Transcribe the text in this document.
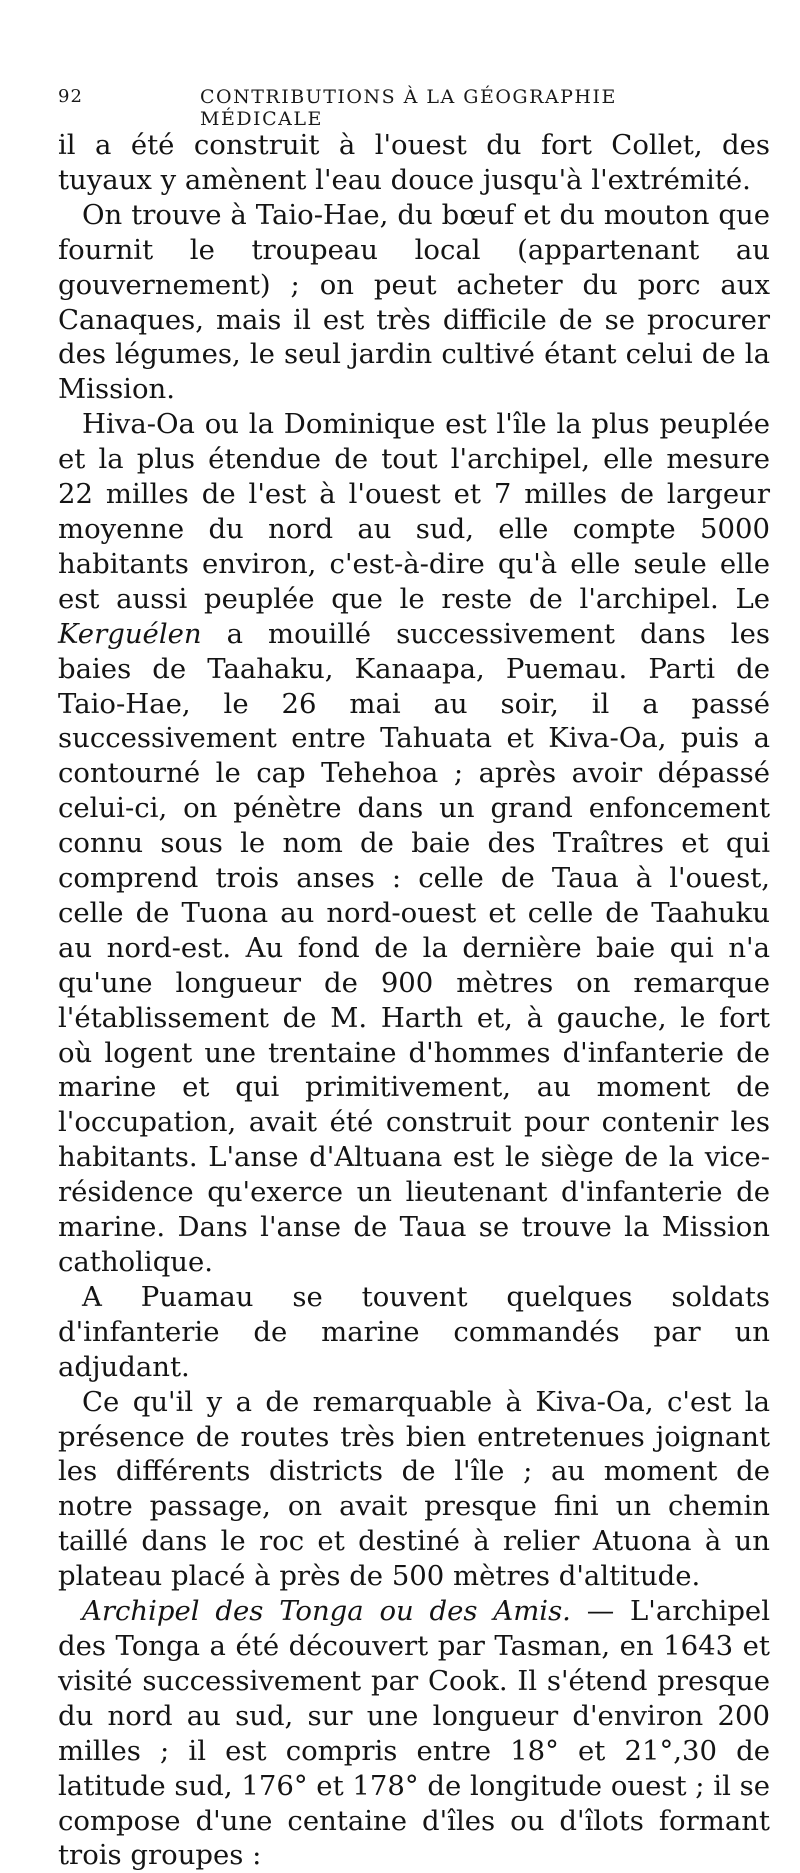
92	CONTRIBUTIONS À LA GÉOGRAPHIE MÉDICALE

il a été construit à l'ouest du fort Collet, des tuyaux y amènent l'eau douce jusqu'à l'extrémité.

On trouve à Taio-Hae, du bœuf et du mouton que fournit le troupeau local (appartenant au gouvernement) ; on peut acheter du porc aux Canaques, mais il est très difficile de se procurer des légumes, le seul jardin cultivé étant celui de la Mission.

Hiva-Oa ou la Dominique est l'île la plus peuplée et la plus étendue de tout l'archipel, elle mesure 22 milles de l'est à l'ouest et 7 milles de largeur moyenne du nord au sud, elle compte 5000 habitants environ, c'est-à-dire qu'à elle seule elle est aussi peuplée que le reste de l'archipel. Le Kerguélen a mouillé successivement dans les baies de Taahaku, Kanaapa, Puemau. Parti de Taio-Hae, le 26 mai au soir, il a passé successivement entre Tahuata et Kiva-Oa, puis a contourné le cap Tehehoa ; après avoir dépassé celui-ci, on pénètre dans un grand enfoncement connu sous le nom de baie des Traîtres et qui comprend trois anses : celle de Taua à l'ouest, celle de Tuona au nord-ouest et celle de Taahuku au nord-est. Au fond de la dernière baie qui n'a qu'une longueur de 900 mètres on remarque l'établissement de M. Harth et, à gauche, le fort où logent une trentaine d'hommes d'infanterie de marine et qui primitivement, au moment de l'occupation, avait été construit pour contenir les habitants. L'anse d'Altuana est le siège de la vice-résidence qu'exerce un lieutenant d'infanterie de marine. Dans l'anse de Taua se trouve la Mission catholique.

A Puamau se touvent quelques soldats d'infanterie de marine commandés par un adjudant.

Ce qu'il y a de remarquable à Kiva-Oa, c'est la présence de routes très bien entretenues joignant les différents districts de l'île ; au moment de notre passage, on avait presque fini un chemin taillé dans le roc et destiné à relier Atuona à un plateau placé à près de 500 mètres d'altitude.

Archipel des Tonga ou des Amis. — L'archipel des Tonga a été découvert par Tasman, en 1643 et visité successivement par Cook. Il s'étend presque du nord au sud, sur une longueur d'environ 200 milles ; il est compris entre 18° et 21°,30 de latitude sud, 176° et 178° de longitude ouest ; il se compose d'une centaine d'îles ou d'îlots formant trois groupes :
